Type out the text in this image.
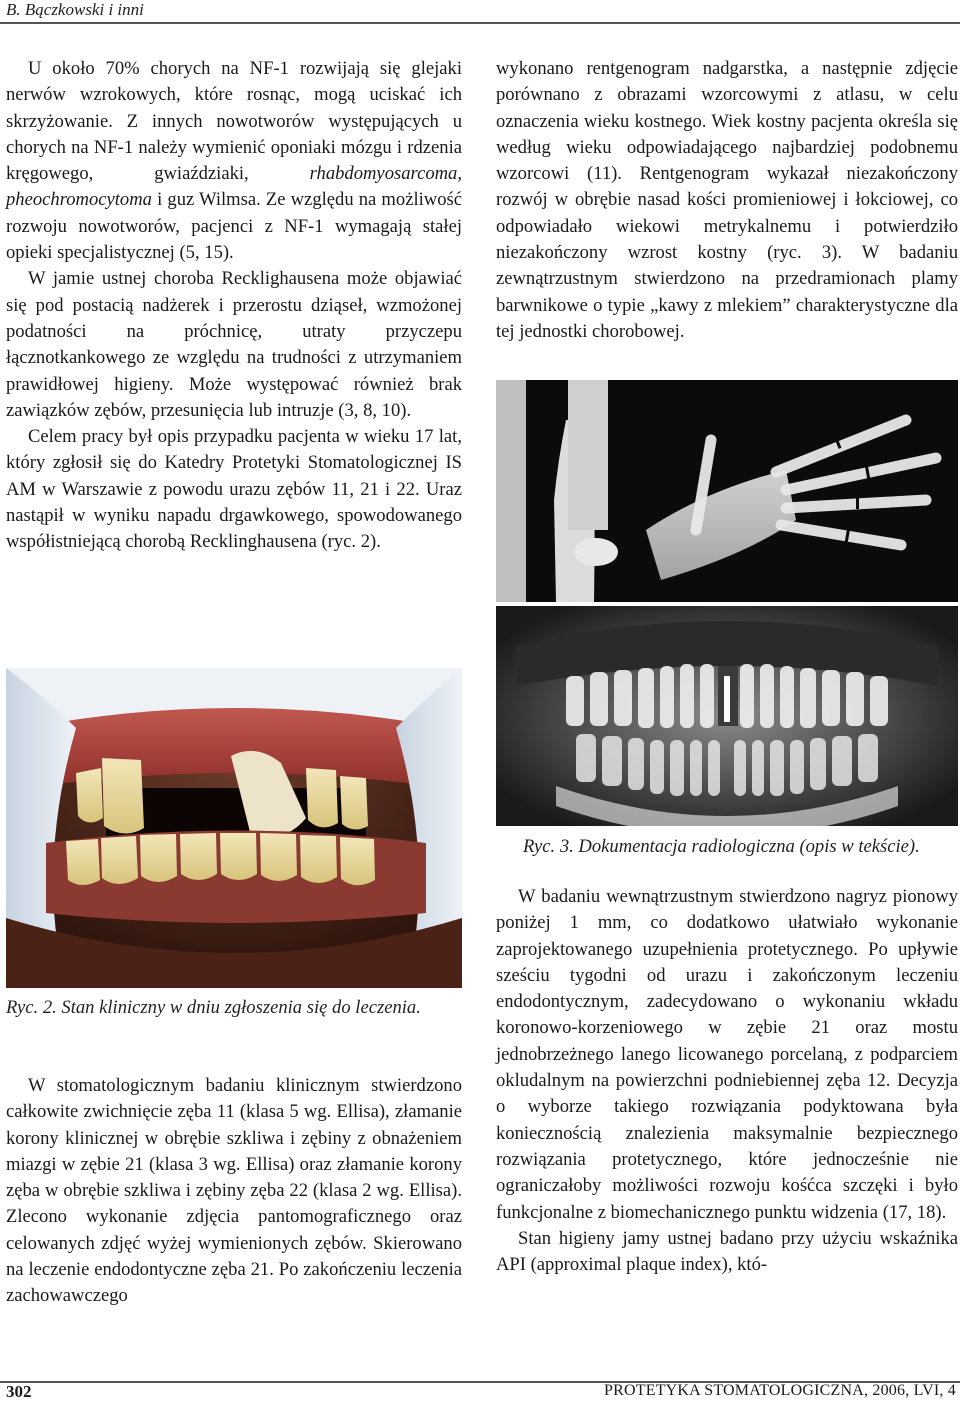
B. Bączkowski i inni

U około 70% chorych na NF-1 rozwijają się glejaki nerwów wzrokowych, które rosnąc, mogą uciskać ich skrzyżowanie. Z innych nowotworów występujących u chorych na NF-1 należy wymienić oponiaki mózgu i rdzenia kręgowego, gwiaździaki, rhabdomyosarcoma, pheochromocytoma i guz Wilmsa. Ze względu na możliwość rozwoju nowotworów, pacjenci z NF-1 wymagają stałej opieki specjalistycznej (5, 15).

W jamie ustnej choroba Recklighausena może objawiać się pod postacią nadżerek i przerostu dziąseł, wzmożonej podatności na próchnicę, utraty przyczepu łącznotkankowego ze względu na trudności z utrzymaniem prawidłowej higieny. Może występować również brak zawiązków zębów, przesunięcia lub intruzje (3, 8, 10).

Celem pracy był opis przypadku pacjenta w wieku 17 lat, który zgłosił się do Katedry Protetyki Stomatologicznej IS AM w Warszawie z powodu urazu zębów 11, 21 i 22. Uraz nastąpił w wyniku napadu drgawkowego, spowodowanego współistniejącą chorobą Recklinghausena (ryc. 2).

wykonano rentgenogram nadgarstka, a następnie zdjęcie porównano z obrazami wzorcowymi z atlasu, w celu oznaczenia wieku kostnego. Wiek kostny pacjenta określa się według wieku odpowiadającego najbardziej podobnemu wzorcowi (11). Rentgenogram wykazał niezakończony rozwój w obrębie nasad kości promieniowej i łokciowej, co odpowiadało wiekowi metrykalnemu i potwierdziło niezakończony wzrost kostny (ryc. 3). W badaniu zewnątrzustnym stwierdzono na przedramionach plamy barwnikowe o typie „kawy z mlekiem” charakterystyczne dla tej jednostki chorobowej.

Ryc. 2. Stan kliniczny w dniu zgłoszenia się do leczenia.
Ryc. 3. Dokumentacja radiologiczna (opis w tekście).

W stomatologicznym badaniu klinicznym stwierdzono całkowite zwichnięcie zęba 11 (klasa 5 wg. Ellisa), złamanie korony klinicznej w obrębie szkliwa i zębiny z obnażeniem miazgi w zębie 21 (klasa 3 wg. Ellisa) oraz złamanie korony zęba w obrębie szkliwa i zębiny zęba 22 (klasa 2 wg. Ellisa). Zlecono wykonanie zdjęcia pantomograficznego oraz celowanych zdjęć wyżej wymienionych zębów. Skierowano na leczenie endodontyczne zęba 21. Po zakończeniu leczenia zachowawczego

W badaniu wewnątrzustnym stwierdzono nagryz pionowy poniżej 1 mm, co dodatkowo ułatwiało wykonanie zaprojektowanego uzupełnienia protetycznego. Po upływie sześciu tygodni od urazu i zakończonym leczeniu endodontycznym, zadecydowano o wykonaniu wkładu koronowo-korzeniowego w zębie 21 oraz mostu jednobrzeżnego lanego licowanego porcelaną, z podparciem okludalnym na powierzchni podniebiennej zęba 12. Decyzja o wyborze takiego rozwiązania podyktowana była koniecznością znalezienia maksymalnie bezpiecznego rozwiązania protetycznego, które jednocześnie nie ograniczałoby możliwości rozwoju kośćca szczęki i było funkcjonalne z biomechanicznego punktu widzenia (17, 18).

Stan higieny jamy ustnej badano przy użyciu wskaźnika API (approximal plaque index), któ-

302	PROTETYKA STOMATOLOGICZNA, 2006, LVI, 4
